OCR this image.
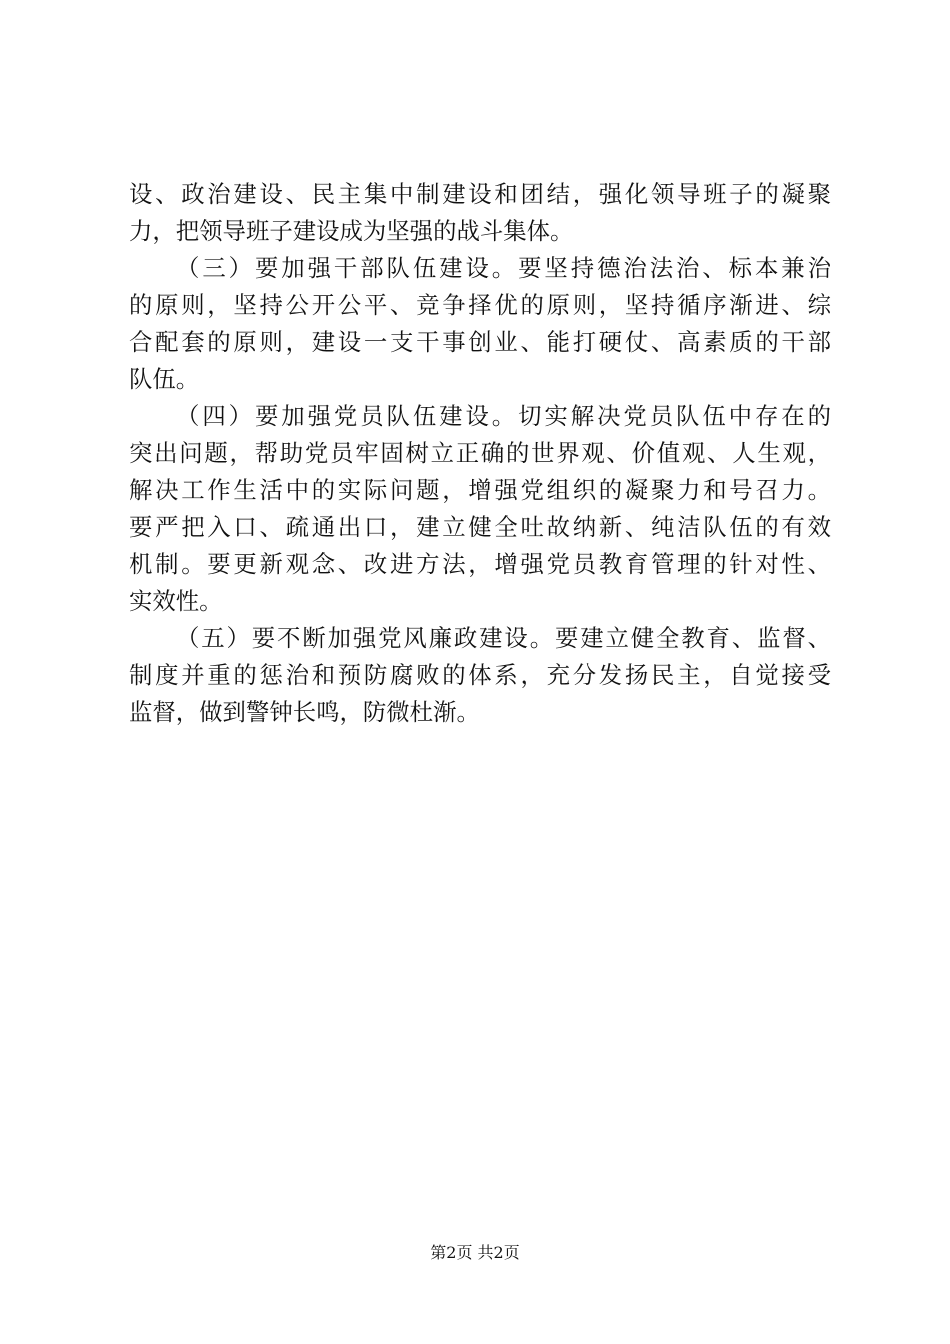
设、政治建设、民主集中制建设和团结，强化领导班子的凝聚
力，把领导班子建设成为坚强的战斗集体。
（三）要加强干部队伍建设。要坚持德治法治、标本兼治
的原则，坚持公开公平、竞争择优的原则，坚持循序渐进、综
合配套的原则，建设一支干事创业、能打硬仗、高素质的干部
队伍。
（四）要加强党员队伍建设。切实解决党员队伍中存在的
突出问题，帮助党员牢固树立正确的世界观、价值观、人生观，
解决工作生活中的实际问题，增强党组织的凝聚力和号召力。
要严把入口、疏通出口，建立健全吐故纳新、纯洁队伍的有效
机制。要更新观念、改进方法，增强党员教育管理的针对性、
实效性。
（五）要不断加强党风廉政建设。要建立健全教育、监督、
制度并重的惩治和预防腐败的体系，充分发扬民主，自觉接受
监督，做到警钟长鸣，防微杜渐。
第2页 共2页
